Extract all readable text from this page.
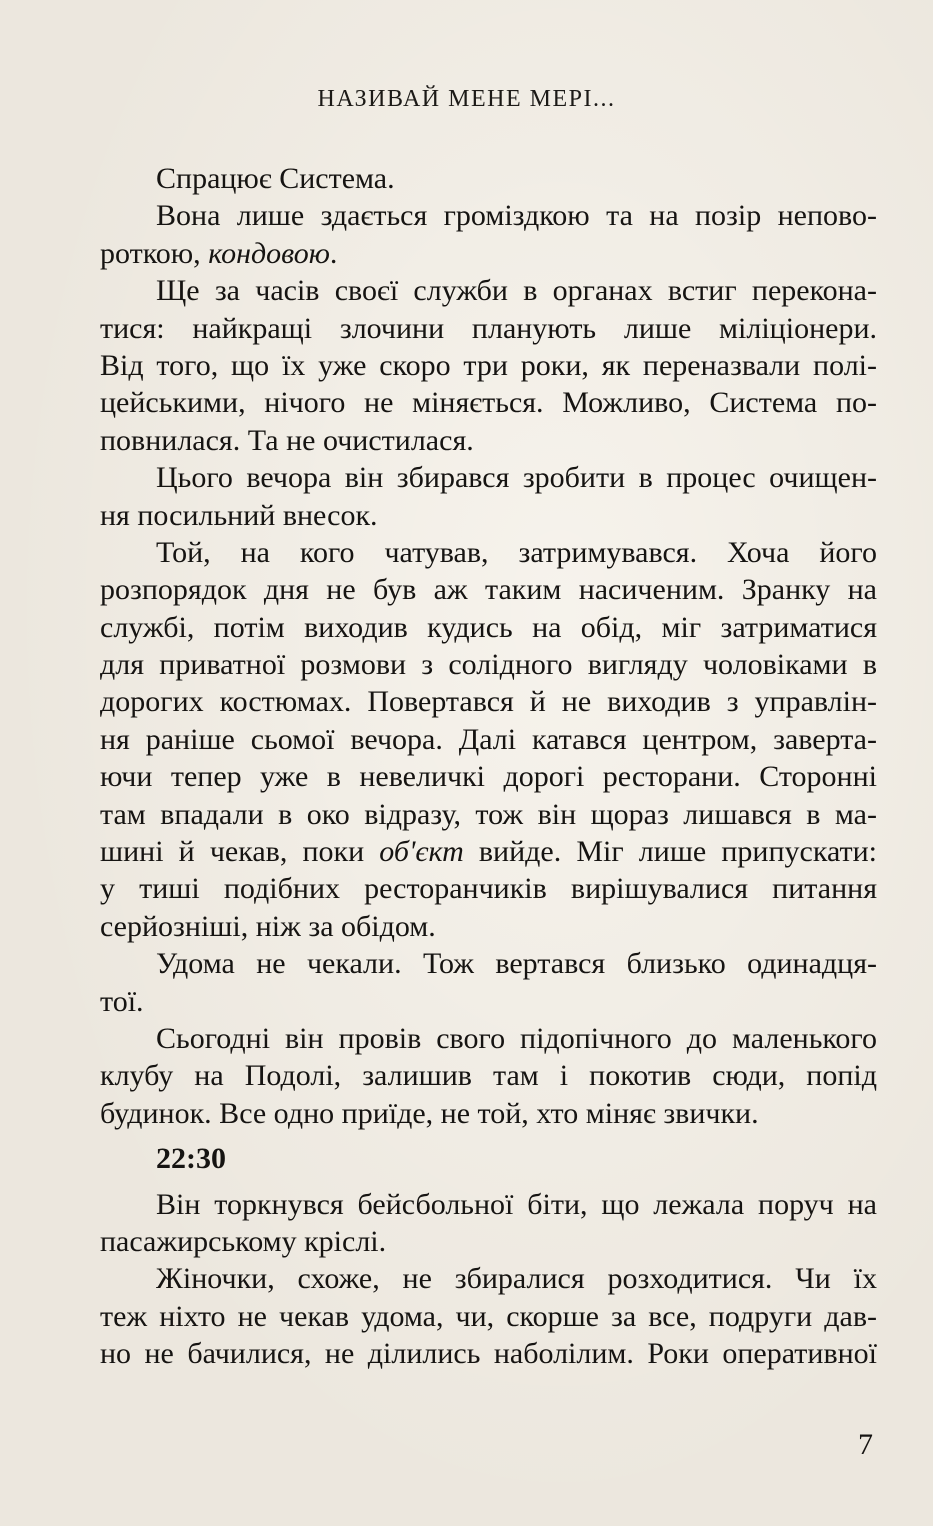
НАЗИВАЙ МЕНЕ МЕРІ...
Спрацює Система.
Вона лише здається громіздкою та на позір непово-
роткою, кондовою.
Ще за часів своєї служби в органах встиг перекона-
тися: найкращі злочини планують лише міліціонери.
Від того, що їх уже скоро три роки, як переназвали полі-
цейськими, нічого не міняється. Можливо, Система по-
повнилася. Та не очистилася.
Цього вечора він збирався зробити в процес очищен-
ня посильний внесок.
Той, на кого чатував, затримувався. Хоча його
розпорядок дня не був аж таким насиченим. Зранку на
службі, потім виходив кудись на обід, міг затриматися
для приватної розмови з солідного вигляду чоловіками в
дорогих костюмах. Повертався й не виходив з управлін-
ня раніше сьомої вечора. Далі катався центром, заверта-
ючи тепер уже в невеличкі дорогі ресторани. Сторонні
там впадали в око відразу, тож він щораз лишався в ма-
шині й чекав, поки об'єкт вийде. Міг лише припускати:
у тиші подібних ресторанчиків вирішувалися питання
серйозніші, ніж за обідом.
Удома не чекали. Тож вертався близько одинадця-
тої.
Сьогодні він провів свого підопічного до маленького
клубу на Подолі, залишив там і покотив сюди, попід
будинок. Все одно приїде, не той, хто міняє звички.
22:30
Він торкнувся бейсбольної біти, що лежала поруч на
пасажирському кріслі.
Жіночки, схоже, не збиралися розходитися. Чи їх
теж ніхто не чекав удома, чи, скорше за все, подруги дав-
но не бачилися, не ділились наболілим. Роки оперативної
7
